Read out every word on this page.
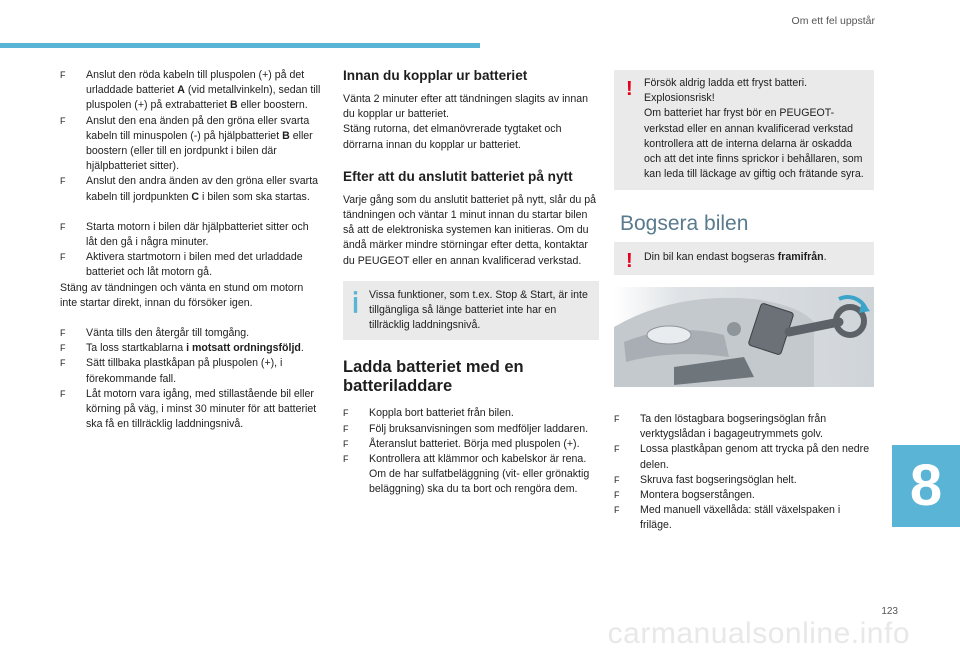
Om ett fel uppstår

F	Anslut den röda kabeln till pluspolen (+) på det urladdade batteriet A (vid metallvinkeln), sedan till pluspolen (+) på extrabatteriet B eller boostern.

F	Anslut den ena änden på den gröna eller svarta kabeln till minuspolen (-) på hjälpbatteriet B eller boostern (eller till en jordpunkt i bilen där hjälpbatteriet sitter).

F	Anslut den andra änden av den gröna eller svarta kabeln till jordpunkten C i bilen som ska startas.

F	Starta motorn i bilen där hjälpbatteriet sitter och låt den gå i några minuter.

F	Aktivera startmotorn i bilen med det urladdade batteriet och låt motorn gå.

Stäng av tändningen och vänta en stund om motorn inte startar direkt, innan du försöker igen.

F	Vänta tills den återgår till tomgång.

F	Ta loss startkablarna i motsatt ordningsföljd.

F	Sätt tillbaka plastkåpan på pluspolen (+), i förekommande fall.

F	Låt motorn vara igång, med stillastående bil eller körning på väg, i minst 30 minuter för att batteriet ska få en tillräcklig laddningsnivå.

Innan du kopplar ur batteriet

Vänta 2 minuter efter att tändningen slagits av innan du kopplar ur batteriet.

Stäng rutorna, det elmanövrerade tygtaket och dörrarna innan du kopplar ur batteriet.

Efter att du anslutit batteriet på nytt

Varje gång som du anslutit batteriet på nytt, slår du på tändningen och väntar 1 minut innan du startar bilen så att de elektroniska systemen kan initieras. Om du ändå märker mindre störningar efter detta, kontaktar du PEUGEOT eller en annan kvalificerad verkstad.

Vissa funktioner, som t.ex. Stop & Start, är inte tillgängliga så länge batteriet inte har en tillräcklig laddningsnivå.

Ladda batteriet med en batteriladdare

F	Koppla bort batteriet från bilen.

F	Följ bruksanvisningen som medföljer laddaren.

F	Återanslut batteriet. Börja med pluspolen (+).

F	Kontrollera att klämmor och kabelskor är rena. Om de har sulfatbeläggning (vit- eller grönaktig beläggning) ska du ta bort och rengöra dem.

! Försök aldrig ladda ett fryst batteri. Explosionsrisk!

Om batteriet har fryst bör en PEUGEOT-verkstad eller en annan kvalificerad verkstad kontrollera att de interna delarna är oskadda och att det inte finns sprickor i behållaren, som kan leda till läckage av giftig och frätande syra.

Bogsera bilen
! Din bil kan endast bogseras framifrån.

F	Ta den löstagbara bogseringsöglan från verktygslådan i bagageutrymmets golv.

F	Lossa plastkåpan genom att trycka på den nedre delen.

F	Skruva fast bogseringsöglan helt.

F	Montera bogserstången.

F	Med manuell växellåda: ställ växelspaken i friläge.

8
123
carmanualsonline.info
